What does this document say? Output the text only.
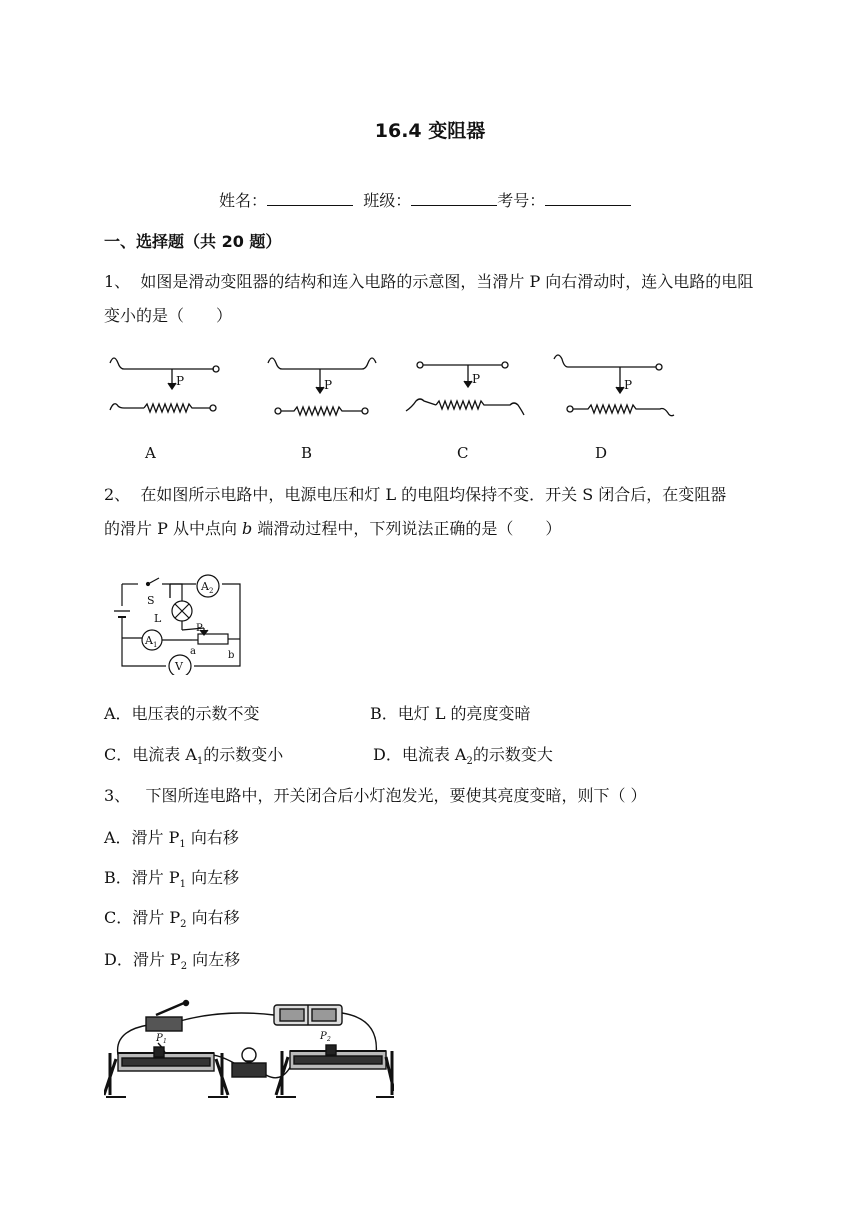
16.4 变阻器
姓名：	班级：	考号：
一、选择题（共 20 题）
1、 如图是滑动变阻器的结构和连入电路的示意图，当滑片 P 向右滑动时，连入电路的电阻变小的是（　　）
P	P	P	P
A	B	C	D
2、 在如图所示电路中，电源电压和灯 L 的电阻均保持不变．开关 S 闭合后，在变阻器
的滑片 P 从中点向 b 端滑动过程中，下列说法正确的是（　　）
S
L
P
a	b
A 1
A 2
V
A．电压表的示数不变	B．电灯 L 的亮度变暗
C．电流表 $A_1$的示数变小	D．电流表 $A_2$的示数变大
3、 下图所连电路中，开关闭合后小灯泡发光，要使其亮度变暗，则下（ ）
A．滑片 $P_1$ 向右移
B．滑片 $P_1$ 向左移
C．滑片 $P_2$ 向右移
D．滑片 $P_2$ 向左移
P 1	P 2
